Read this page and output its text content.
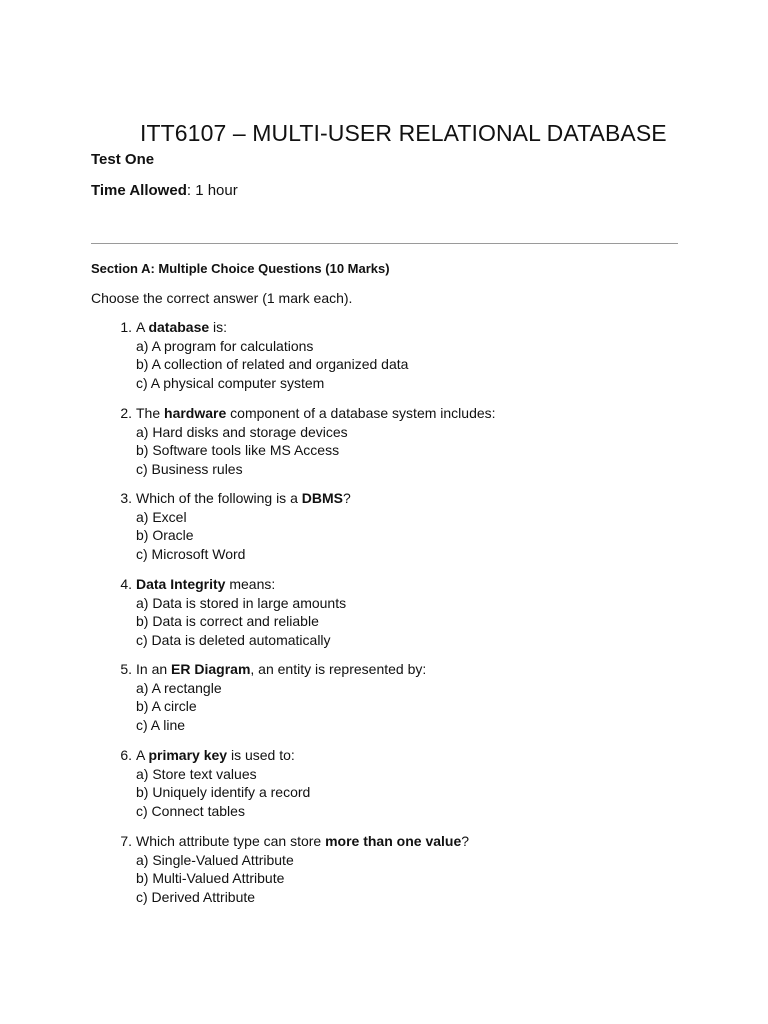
ITT6107 – MULTI-USER RELATIONAL DATABASE

Test One

Time Allowed: 1 hour

Section A: Multiple Choice Questions (10 Marks)

Choose the correct answer (1 mark each).

1. A database is:
a) A program for calculations
b) A collection of related and organized data
c) A physical computer system
2. The hardware component of a database system includes:
a) Hard disks and storage devices
b) Software tools like MS Access
c) Business rules
3. Which of the following is a DBMS?
a) Excel
b) Oracle
c) Microsoft Word
4. Data Integrity means:
a) Data is stored in large amounts
b) Data is correct and reliable
c) Data is deleted automatically
5. In an ER Diagram, an entity is represented by:
a) A rectangle
b) A circle
c) A line
6. A primary key is used to:
a) Store text values
b) Uniquely identify a record
c) Connect tables
7. Which attribute type can store more than one value?
a) Single-Valued Attribute
b) Multi-Valued Attribute
c) Derived Attribute
